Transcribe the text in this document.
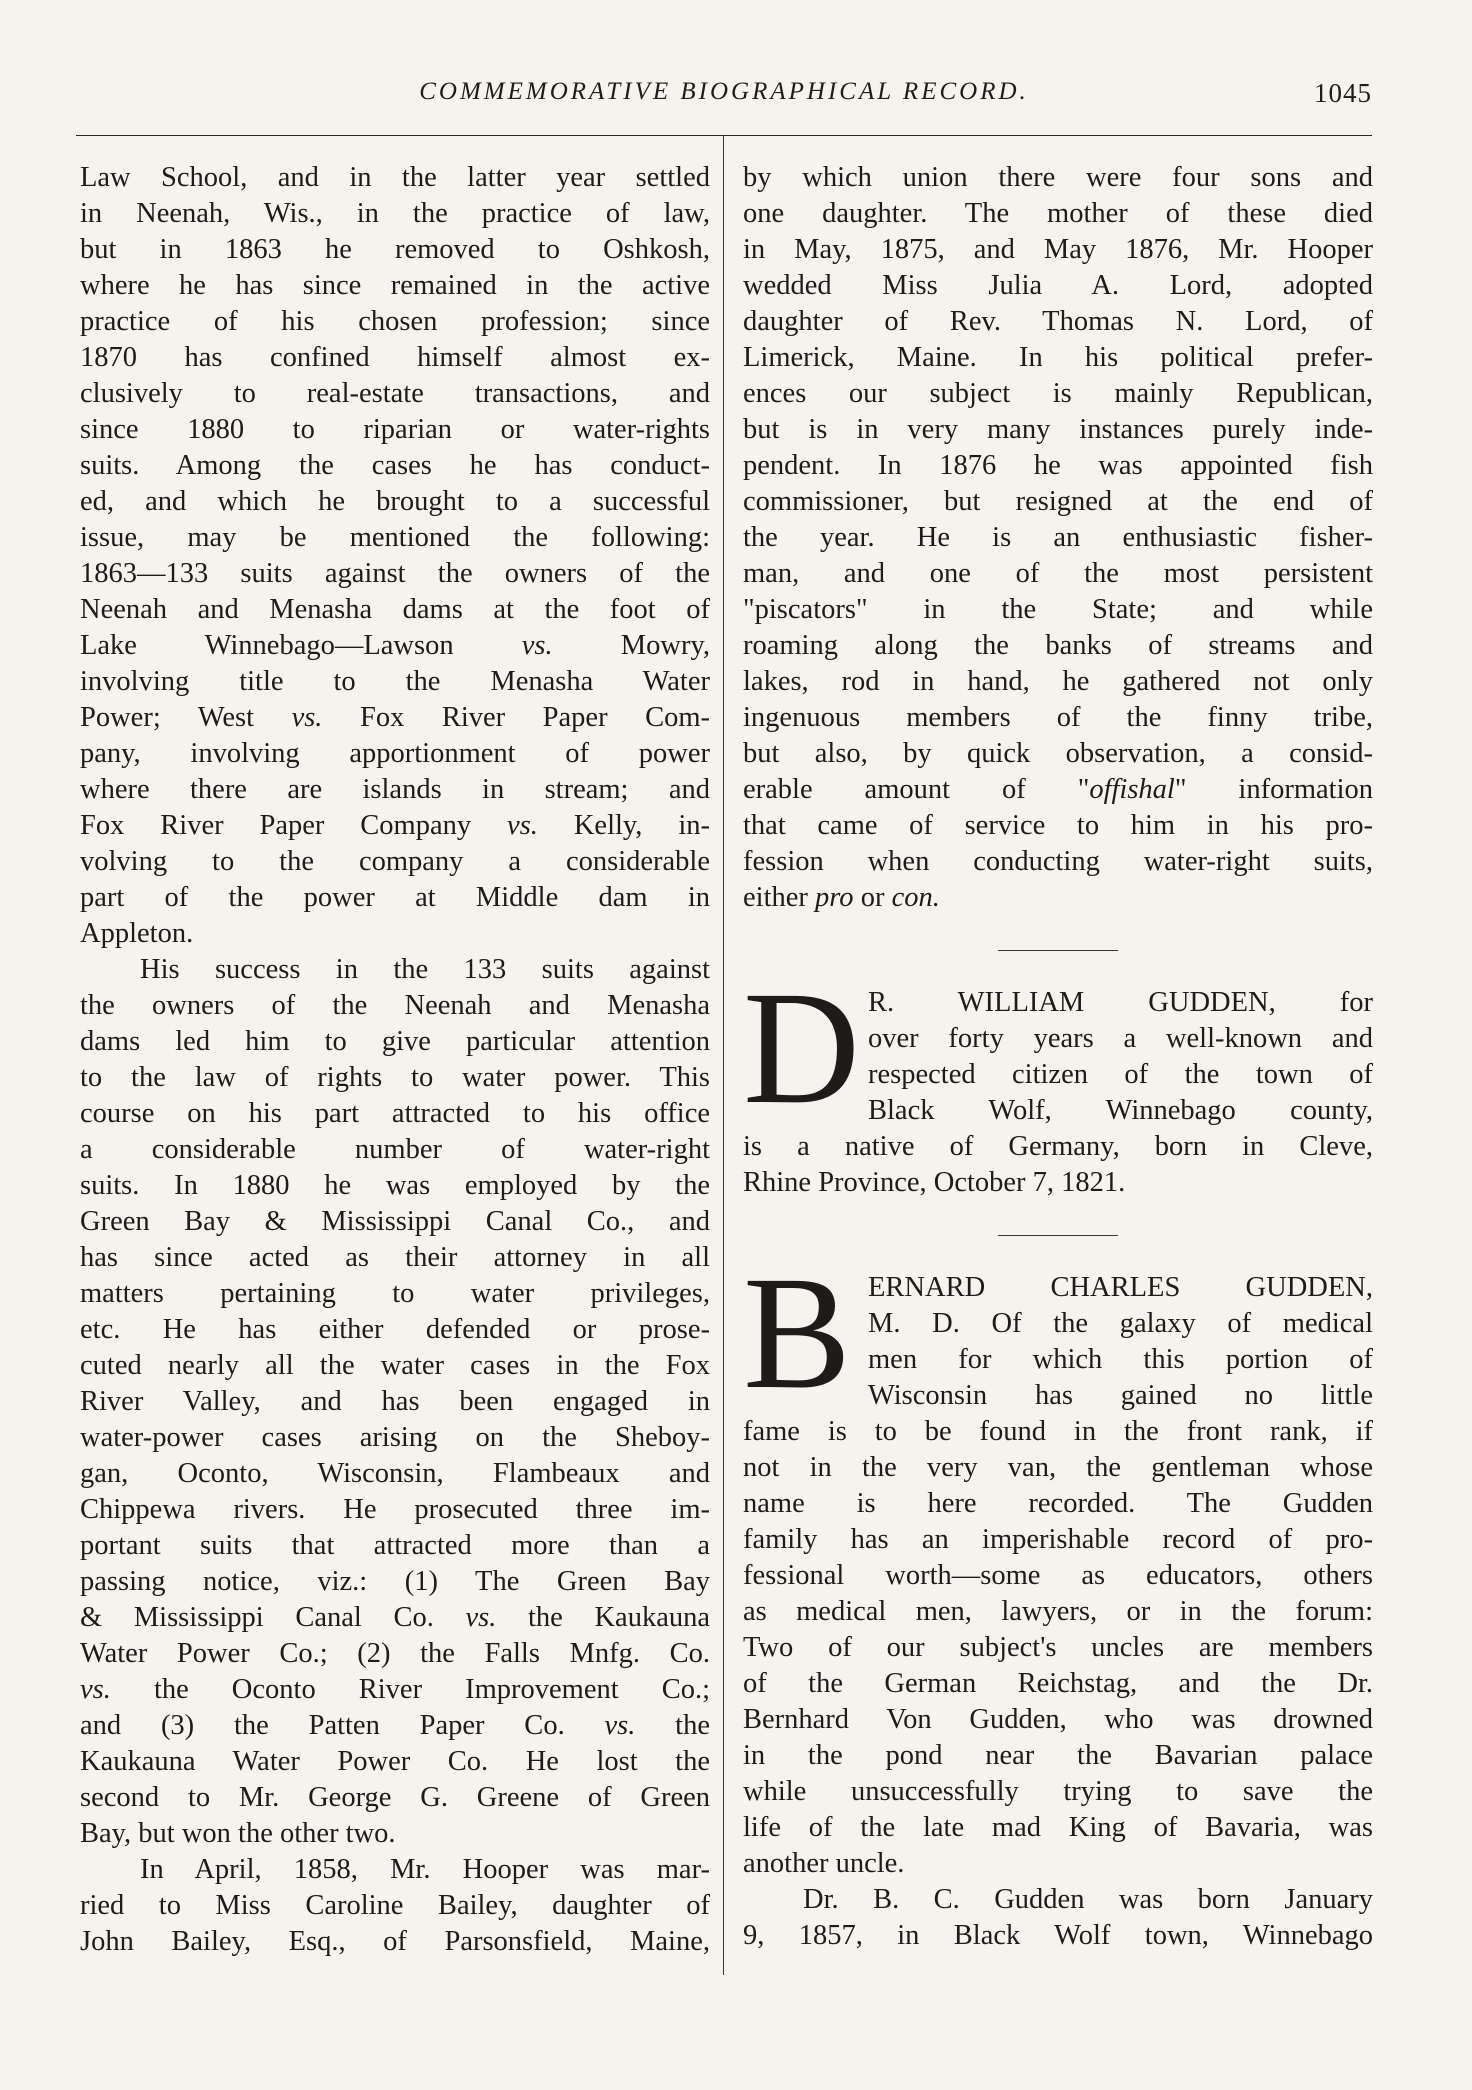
COMMEMORATIVE BIOGRAPHICAL RECORD.	1045
Law School, and in the latter year settled
in Neenah, Wis., in the practice of law,
but in 1863 he removed to Oshkosh,
where he has since remained in the active
practice of his chosen profession; since
1870 has confined himself almost ex-
clusively to real-estate transactions, and
since 1880 to riparian or water-rights
suits. Among the cases he has conduct-
ed, and which he brought to a successful
issue, may be mentioned the following:
1863—133 suits against the owners of the
Neenah and Menasha dams at the foot of
Lake Winnebago—Lawson vs. Mowry,
involving title to the Menasha Water
Power; West vs. Fox River Paper Com-
pany, involving apportionment of power
where there are islands in stream; and
Fox River Paper Company vs. Kelly, in-
volving to the company a considerable
part of the power at Middle dam in
Appleton.
His success in the 133 suits against
the owners of the Neenah and Menasha
dams led him to give particular attention
to the law of rights to water power. This
course on his part attracted to his office
a considerable number of water-right
suits. In 1880 he was employed by the
Green Bay & Mississippi Canal Co., and
has since acted as their attorney in all
matters pertaining to water privileges,
etc. He has either defended or prose-
cuted nearly all the water cases in the Fox
River Valley, and has been engaged in
water-power cases arising on the Sheboy-
gan, Oconto, Wisconsin, Flambeaux and
Chippewa rivers. He prosecuted three im-
portant suits that attracted more than a
passing notice, viz.: (1) The Green Bay
& Mississippi Canal Co. vs. the Kaukauna
Water Power Co.; (2) the Falls Mnfg. Co.
vs. the Oconto River Improvement Co.;
and (3) the Patten Paper Co. vs. the
Kaukauna Water Power Co. He lost the
second to Mr. George G. Greene of Green
Bay, but won the other two.
In April, 1858, Mr. Hooper was mar-
ried to Miss Caroline Bailey, daughter of
John Bailey, Esq., of Parsonsfield, Maine,
by which union there were four sons and
one daughter. The mother of these died
in May, 1875, and May 1876, Mr. Hooper
wedded Miss Julia A. Lord, adopted
daughter of Rev. Thomas N. Lord, of
Limerick, Maine. In his political prefer-
ences our subject is mainly Republican,
but is in very many instances purely inde-
pendent. In 1876 he was appointed fish
commissioner, but resigned at the end of
the year. He is an enthusiastic fisher-
man, and one of the most persistent
"piscators" in the State; and while
roaming along the banks of streams and
lakes, rod in hand, he gathered not only
ingenuous members of the finny tribe,
but also, by quick observation, a consid-
erable amount of "offishal" information
that came of service to him in his pro-
fession when conducting water-right suits,
either pro or con.
D R. WILLIAM GUDDEN, for
over forty years a well-known and
respected citizen of the town of
Black Wolf, Winnebago county,
is a native of Germany, born in Cleve,
Rhine Province, October 7, 1821.
B ERNARD CHARLES GUDDEN,
M. D. Of the galaxy of medical
men for which this portion of
Wisconsin has gained no little
fame is to be found in the front rank, if
not in the very van, the gentleman whose
name is here recorded. The Gudden
family has an imperishable record of pro-
fessional worth—some as educators, others
as medical men, lawyers, or in the forum:
Two of our subject's uncles are members
of the German Reichstag, and the Dr.
Bernhard Von Gudden, who was drowned
in the pond near the Bavarian palace
while unsuccessfully trying to save the
life of the late mad King of Bavaria, was
another uncle.
Dr. B. C. Gudden was born January
9, 1857, in Black Wolf town, Winnebago
